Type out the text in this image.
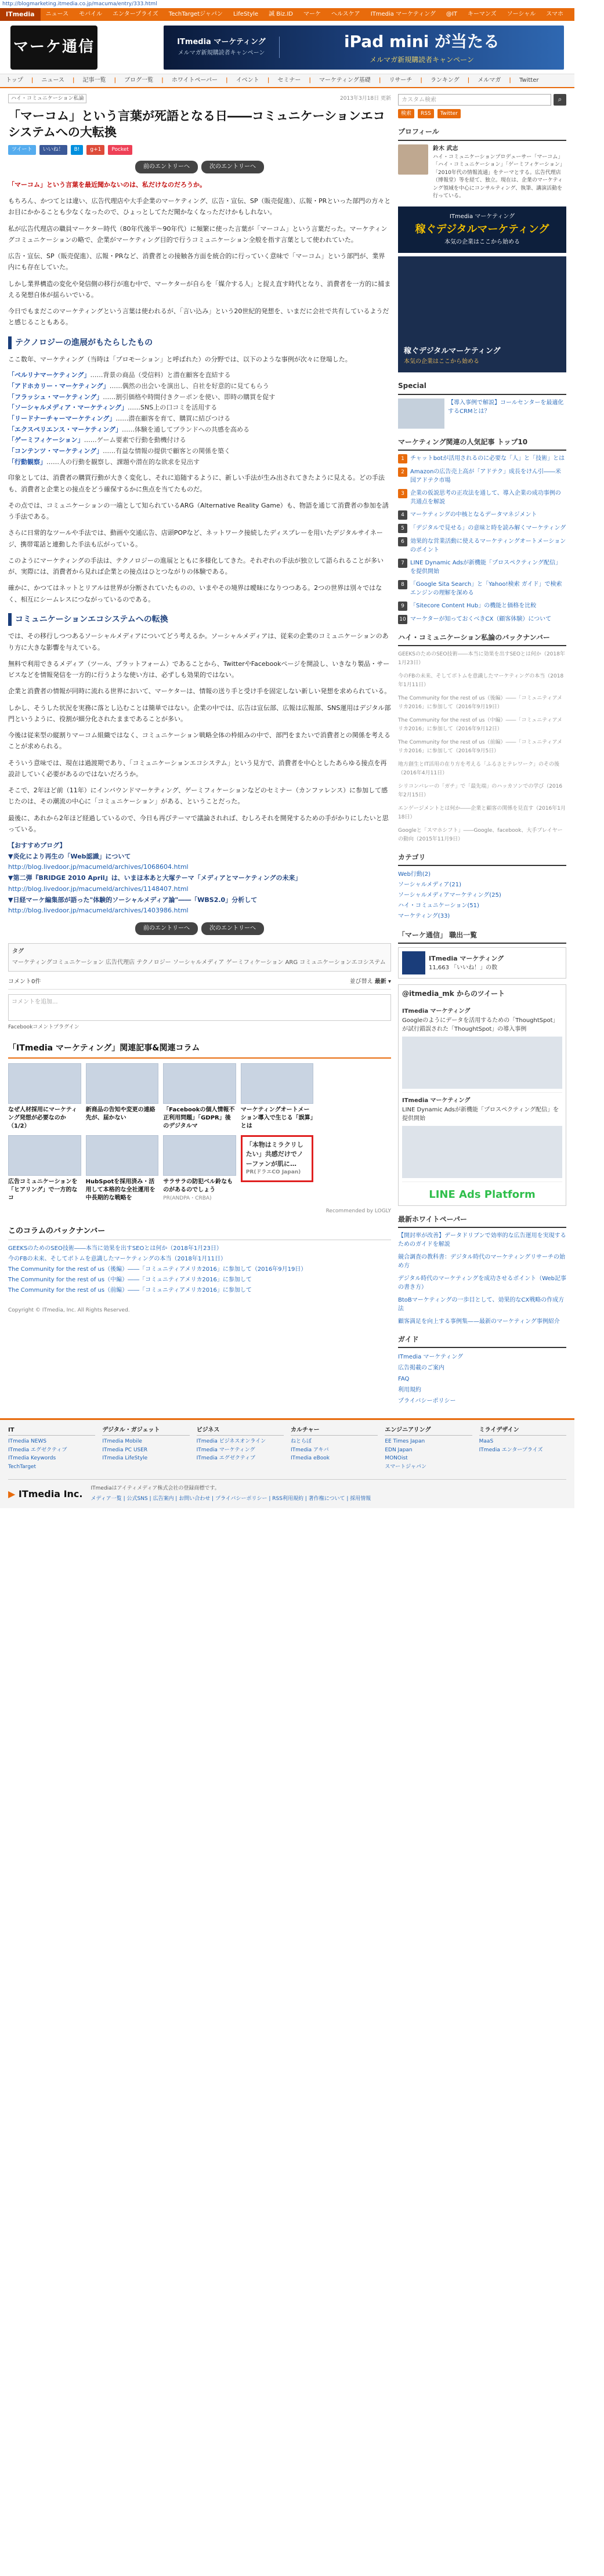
http://blogmarketing.itmedia.co.jp/macuma/entry/333.html
ITmedia	ニュース	モバイル	エンタープライズ	TechTargetジャパン	LifeStyle	誠 Biz.ID	マーケ	ヘルスケア	ITmedia マーケティング	@IT	キーマンズ	ソーシャル	スマホ	PC USER
マーケ通信	ITmedia マーケティング
メルマガ新規購読者キャンペーン
iPad mini が当たる
メルマガ新規購読者キャンペーン
トップ | ニュース | 記事一覧 | ブログ一覧 | ホワイトペーパー | イベント | セミナー | マーケティング基礎 | リサーチ | ランキング | メルマガ | Twitter
ハイ・コミュニケーション私論	2013年3月18日 更新
「マーコム」という言葉が死語となる日――コミュニケーションエコシステムへの大転換
ツイート	いいね！	B!	g+1	Pocket
前のエントリーへ	次のエントリーへ

「マーコム」という言葉を最近聞かないのは、私だけなのだろうか。

もちろん、かつてとは違い、広告代理店や大手企業のマーケティング、広告・宣伝、SP（販売促進）、広報・PRといった部門の方々とお目にかかることも少なくなったので、ひょっとしてただ聞かなくなっただけかもしれない。

私が広告代理店の職員マーケター時代（80年代後半〜90年代）に頻繁に使った言葉が「マーコム」という言葉だった。マーケティングコミュニケーションの略で、企業がマーケティング目的で行うコミュニケーション全般を指す言葉として使われていた。

広告・宣伝、SP（販売促進）、広報・PRなど、消費者との接触各方面を統合的に行っていく意味で「マーコム」という部門が、業界内にも存在していた。

しかし業界構造の変化や発信側の移行が進む中で、マーケターが自らを「媒介する人」と捉え直す時代となり、消費者を一方的に捕まえる発想自体が揺らいでいる。

今日でもまだこのマーケティングという言葉は使われるが、「言い込み」という20世紀的発想を、いまだに会社で共有しているようだと感じることもある。

テクノロジーの進展がもたらしたもの

ここ数年、マーケティング（当時は「プロモーション」と呼ばれた）の分野では、以下のような事例が次々に登場した。

「ベルリナマーケティング」……背景の商品（受信料）と潜在顧客を直結する
「アドホカリー・マーケティング」……偶然の出会いを演出し、自社を好意的に見てもらう
「フラッシュ・マーケティング」……割引価格や時間付きクーポンを使い、即時の購買を促す
「ソーシャルメディア・マーケティング」……SNS上の口コミを活用する
「リードナーチャーマーケティング」……潜在顧客を育て、購買に結びつける
「エクスペリエンス・マーケティング」……体験を通してブランドへの共感を高める
「ゲーミフィケーション」……ゲーム要素で行動を動機付ける
「コンテンツ・マーケティング」……有益な情報の提供で顧客との関係を築く
「行動観察」……人の行動を観察し、課題や潜在的な欲求を見出す

印象としては、消費者の購買行動が大きく変化し、それに追随するように、新しい手法が生み出されてきたように見える。どの手法も、消費者と企業との接点をどう確保するかに焦点を当てたものだ。

その点では、コミュニケーションの一端として知られているARG（Alternative Reality Game）も、物語を通じて消費者の参加を誘う手法である。

さらに日常的なツールや手法では、動画や交通広告、店頭POPなど、ネットワーク接続したディスプレーを用いたデジタルサイネージ、携帯電話と連動した手法も広がっている。

このようにマーケティングの手法は、テクノロジーの進展とともに多様化してきた。それぞれの手法が独立して語られることが多いが、実際には、消費者から見れば企業との接点はひとつながりの体験である。

確かに、かつてはネットとリアルは世界が分断されていたものの、いまやその境界は曖昧になりつつある。2つの世界は別々ではなく、相互にシームレスにつながっているのである。

コミュニケーションエコシステムへの転換

では、その移行しつつあるソーシャルメディアについてどう考えるか。ソーシャルメディアは、従来の企業のコミュニケーションのあり方に大きな影響を与えている。

無料で利用できるメディア（ツール、プラットフォーム）であることから、TwitterやFacebookページを開設し、いきなり製品・サービスなどを情報発信を一方的に行うような使い方は、必ずしも効果的ではない。

企業と消費者の情報が同時に流れる世界において、マーケターは、情報の送り手と受け手を固定しない新しい発想を求められている。

しかし、そうした状況を実務に落とし込むことは簡単ではない。企業の中では、広告は宣伝部、広報は広報部、SNS運用はデジタル部門というように、役割が細分化されたままであることが多い。

今後は従来型の縦割りマーコム組織ではなく、コミュニケーション戦略全体の枠組みの中で、部門をまたいで消費者との関係を考えることが求められる。

そういう意味では、現在は過渡期であり、「コミュニケーションエコシステム」という見方で、消費者を中心としたあらゆる接点を再設計していく必要があるのではないだろうか。

そこで、2年ほど前（11年）にインバウンドマーケティング、ゲーミフィケーションなどのセミナー（カンファレンス）に参加して感じたのは、その潮流の中心に「コミュニケーション」がある、ということだった。

最後に、あれから2年ほど経過しているので、今日も再びテーマで議論されれば、むしろそれを開発するための手がかりにしたいと思っている。

【おすすめブログ】
▼炎化により再生の「Web認識」について
http://blog.livedoor.jp/macumeld/archives/1068604.html
▼第二弾『BRIDGE 2010 April』は、いまほ本あと大塚テーマ「メディアとマーケティングの未来」
http://blog.livedoor.jp/macumeld/archives/1148407.html
▼日経マーケ編集部が語った"体験的ソーシャルメディア論"――「WBS2.0」分析して
http://blog.livedoor.jp/macumeld/archives/1403986.html
前のエントリーへ	次のエントリーへ
タグ
マーケティングコミュニケーション 広告代理店 テクノロジー ソーシャルメディア ゲーミフィケーション ARG コミュニケーションエコシステム
コメント0件	並び替え 最新 ▾
コメントを追加...
Facebookコメントプラグイン
「ITmedia マーケティング」関連記事&関連コラム
なぜ人材採用にマーケティング発想が必要なのか（1/2）
新商品の告知や変更の連絡先が、届かない
「Facebookの個人情報不正利用問題」「GDPR」後のデジタルマ
マーケティングオートメーション導入で生じる「誤算」とは
広告コミュニケーションを「ヒアリング」で一方的なコ
HubSpotを採用済み・活用して本格的な全社運用を中長期的な戦略を
サラサラの防犯ベル鈴なものがあるのでしょう
PR(ANDPA・CRBA)
「本物はミラクリしたい」共感だけでノーファンが肌に…
PR(ドラエCO Japan)
Recommended by LOGLY
このコラムのバックナンバー
GEEKSのためのSEO技術――本当に効果を出すSEOとは何か（2018年1月23日）
今のFBの未来、そしてボトムを意識したマーケティングの本当（2018年1月11日）
The Community for the rest of us（後編）――「コミュニティアメリカ2016」に参加して（2016年9月19日）
The Community for the rest of us（中編）――「コミュニティアメリカ2016」に参加して
The Community for the rest of us（前編）――「コミュニティアメリカ2016」に参加して
Copyright © ITmedia, Inc. All Rights Reserved.
カスタム検索	⌕
検索	RSS	Twitter
プロフィール
鈴木 武志
ハイ・コミュニケーションプロデューサー「マーコム」「ハイ・コミュニケーション」「ゲーミフィケーション」「2010年代の情報流通」をテーマとする。広告代理店（博報堂）等を経て、独立。現在は、企業のマーケティング領域を中心にコンサルティング、執筆、講演活動を行っている。
ITmedia マーケティング
稼ぐデジタルマーケティング
本気の企業はここから始める
稼ぐデジタルマーケティング
本気の企業はここから始める
Special
【導入事例で解説】コールセンターを最適化するCRMとは？
マーケティング関連の人気記事 トップ10
1	チャットbotが活用されるのに必要な「人」と「技術」とは
2	Amazonの広告売上高が「アドテク」成長をけん引――米国アドテク市場
3	企業の仮説思考の正攻法を通して、導入企業の成功事例の共通点を解説
4	マーケティングの中核となるデータマネジメント
5	「デジタルで見せる」の意味と時を読み解くマーケティング
6	効果的な営業活動に使えるマーケティングオートメーションのポイント
7	LINE Dynamic Adsが新機能「プロスペクティング配信」を提供開始
8	「Google Sita Search」と「Yahoo!検索 ガイド」で検索エンジンの理解を深める
9	「Sitecore Content Hub」の機能と価格を比較
10 マーケターが知っておくべきCX（顧客体験）について
ハイ・コミュニケーション私論のバックナンバー
GEEKSのためのSEO技術――本当に効果を出すSEOとは何か（2018年1月23日）
今のFBの未来、そしてボトムを意識したマーケティングの本当（2018年1月11日）
The Community for the rest of us（後編）――「コミュニティアメリカ2016」に参加して（2016年9月19日）
The Community for the rest of us（中編）――「コミュニティアメリカ2016」に参加して（2016年9月12日）
The Community for the rest of us（前編）――「コミュニティアメリカ2016」に参加して（2016年9月5日）
地方創生とIT活用の在り方を考える「ふるさとテレワーク」のその後（2016年4月11日）
シリコンバレーの「ガチ」で「最先端」のハッカソンでの学び（2016年2月15日）
エンゲージメントとは何か――企業と顧客の関係を見直す（2016年1月18日）
Googleと「スマホシフト」――Google、facebook、大手プレイヤーの動向（2015年11月9日）
カテゴリ
Web行動(2)
ソーシャルメディア(21)
ソーシャルメディアマーケティング(25)
ハイ・コミュニケーション(51)
マーケティング(33)
「マーケ通信」 職出一覧
ITmedia マーケティング
11,663 「いいね！」の数
@itmedia_mk からのツイート
ITmedia マーケティング
Googleのようにデータを活用するための「ThoughtSpot」が試行錯誤された「ThoughtSpot」の導入事例
ITmedia マーケティング
LINE Dynamic Adsが新機能「プロスペクティング配信」を提供開始
LINE Ads Platform
最新ホワイトペーパー
【開封率が改善】データドリブンで効率的な広告運用を実現するためのガイドを解説
競合調査の教科書：デジタル時代のマーケティングリサーチの始め方
デジタル時代のマーケティングを成功させるポイント（Web記事の書き方）
BtoBマーケティングの一歩目として、効果的なCX戦略の作成方法
顧客満足を向上する事例集——最新のマーケティング事例紹介
ガイド
ITmedia マーケティング
広告掲載のご案内
FAQ
利用規約
プライバシーポリシー
IT
ITmedia NEWS
ITmedia エグゼクティブ
ITmedia Keywords
TechTarget
デジタル・ガジェット
ITmedia Mobile
ITmedia PC USER
ITmedia LifeStyle
ビジネス
ITmedia ビジネスオンライン
ITmedia マーケティング
ITmedia エグゼクティブ
カルチャー
ねとらぼ
ITmedia アキバ
ITmedia eBook
エンジニアリング
EE Times Japan
EDN Japan
MONOist
スマートジャパン
ミライデザイン
MaaS
ITmedia エンタープライズ
▶ ITmedia Inc. ITmediaはアイティメディア株式会社の登録商標です。
メディア一覧 | 公式SNS | 広告案内 | お問い合わせ | プライバシーポリシー | RSS利用規約 | 著作権について | 採用情報
